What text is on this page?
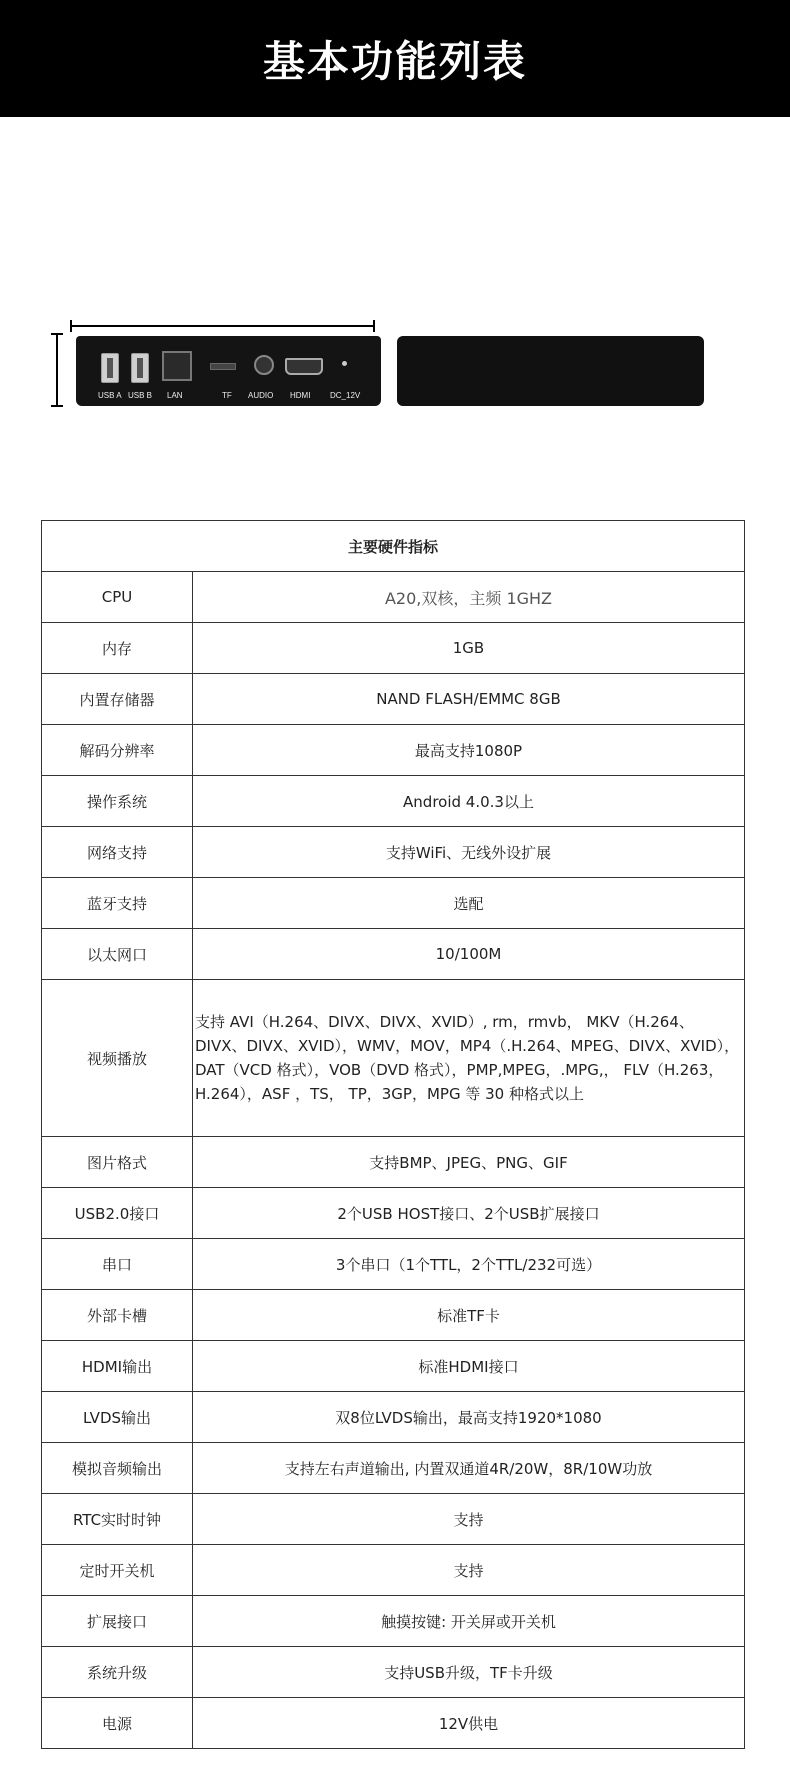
基本功能列表
USB A USB B LAN	TF AUDIO HDMI DC_12V
主要硬件指标	
CPU	A20,双核，主频 1GHZ
内存	1GB
内置存储器	NAND FLASH/EMMC 8GB
解码分辨率	最高支持1080P
操作系统	Android 4.0.3以上
网络支持	支持WiFi、无线外设扩展
蓝牙支持	选配
以太网口	10/100M
视频播放	支持 AVI（H.264、DIVX、DIVX、XVID）, rm，rmvb， MKV（H.264、DIVX、DIVX、XVID），WMV，MOV，MP4（.H.264、MPEG、DIVX、XVID），DAT（VCD 格式），VOB（DVD 格式），PMP,MPEG，.MPG,， FLV（H.263，H.264），ASF ，TS， TP，3GP，MPG 等 30 种格式以上
图片格式	支持BMP、JPEG、PNG、GIF
USB2.0接口	2个USB HOST接口、2个USB扩展接口
串口	3个串口（1个TTL，2个TTL/232可选）
外部卡槽	标准TF卡
HDMI输出	标准HDMI接口
LVDS输出	双8位LVDS输出，最高支持1920*1080
模拟音频输出	支持左右声道输出, 内置双通道4R/20W，8R/10W功放
RTC实时时钟	支持
定时开关机	支持
扩展接口	触摸按键: 开关屏或开关机
系统升级	支持USB升级，TF卡升级
电源	12V供电
